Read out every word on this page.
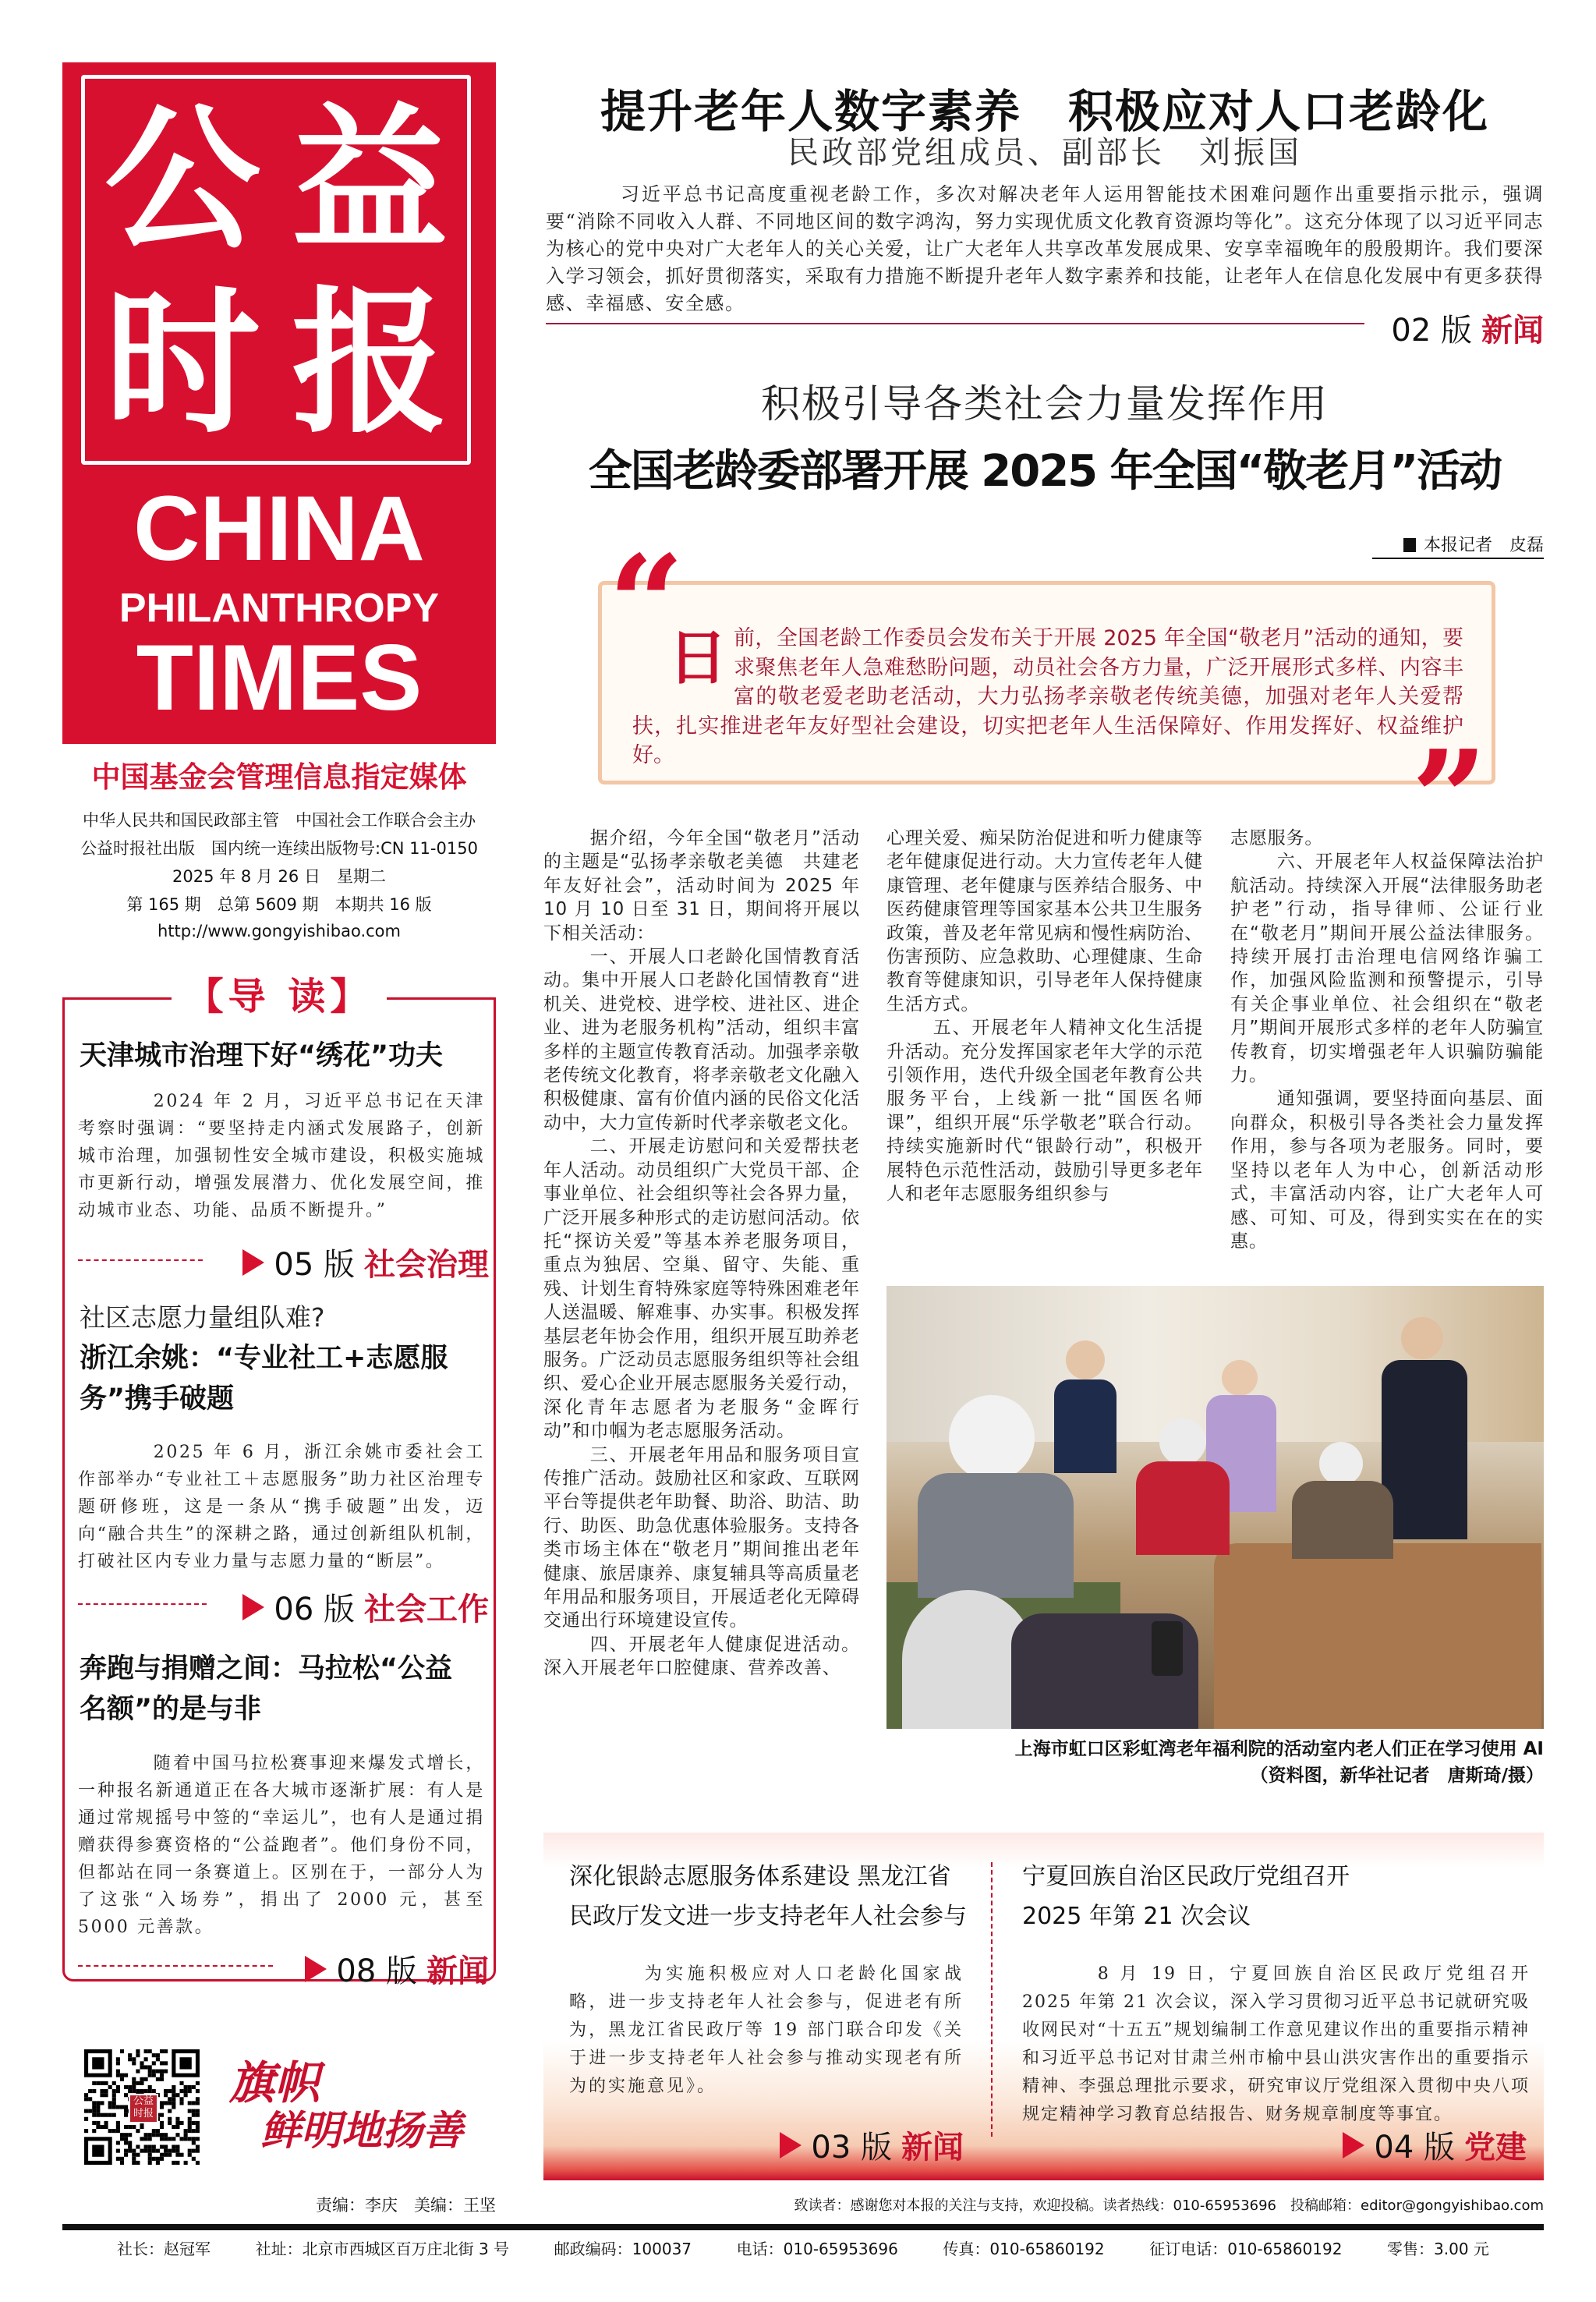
公 益
时 报
CHINA
PHILANTHROPY
TIMES
中国基金会管理信息指定媒体
中华人民共和国民政部主管　中国社会工作联合会主办
公益时报社出版　国内统一连续出版物号:CN 11-0150
2025 年 8 月 26 日　星期二
第 165 期　总第 5609 期　本期共 16 版
http://www.gongyishibao.com
【导 读】
天津城市治理下好“绣花”功夫
2024 年 2 月，习近平总书记在天津考察时强调：“要坚持走内涵式发展路子，创新城市治理，加强韧性安全城市建设，积极实施城市更新行动，增强发展潜力、优化发展空间，推动城市业态、功能、品质不断提升。”
05 版 社会治理
社区志愿力量组队难?
浙江余姚：“专业社工+志愿服务”携手破题
2025 年 6 月，浙江余姚市委社会工作部举办“专业社工＋志愿服务”助力社区治理专题研修班，这是一条从“携手破题”出发，迈向“融合共生”的深耕之路，通过创新组队机制，打破社区内专业力量与志愿力量的“断层”。
06 版 社会工作
奔跑与捐赠之间：马拉松“公益名额”的是与非
随着中国马拉松赛事迎来爆发式增长，一种报名新通道正在各大城市逐渐扩展：有人是通过常规摇号中签的“幸运儿”，也有人是通过捐赠获得参赛资格的“公益跑者”。他们身份不同，但都站在同一条赛道上。区别在于，一部分人为了这张“入场券”，捐出了 2000 元，甚至 5000 元善款。
08 版 新闻
公益时报
旗帜
鲜明地扬善
提升老年人数字素养　积极应对人口老龄化
民政部党组成员、副部长　刘振国
习近平总书记高度重视老龄工作，多次对解决老年人运用智能技术困难问题作出重要指示批示，强调要“消除不同收入人群、不同地区间的数字鸿沟，努力实现优质文化教育资源均等化”。这充分体现了以习近平同志为核心的党中央对广大老年人的关心关爱，让广大老年人共享改革发展成果、安享幸福晚年的殷殷期许。我们要深入学习领会，抓好贯彻落实，采取有力措施不断提升老年人数字素养和技能，让老年人在信息化发展中有更多获得感、幸福感、安全感。
02 版 新闻
积极引导各类社会力量发挥作用
全国老龄委部署开展 2025 年全国“敬老月”活动
本报记者　皮磊
“
”
日前，全国老龄工作委员会发布关于开展 2025 年全国“敬老月”活动的通知，要求聚焦老年人急难愁盼问题，动员社会各方力量，广泛开展形式多样、内容丰富的敬老爱老助老活动，大力弘扬孝亲敬老传统美德，加强对老年人关爱帮扶，扎实推进老年友好型社会建设，切实把老年人生活保障好、作用发挥好、权益维护好。

据介绍，今年全国“敬老月”活动的主题是“弘扬孝亲敬老美德　共建老年友好社会”，活动时间为 2025 年 10 月 10 日至 31 日，期间将开展以下相关活动：

一、开展人口老龄化国情教育活动。集中开展人口老龄化国情教育“进机关、进党校、进学校、进社区、进企业、进为老服务机构”活动，组织丰富多样的主题宣传教育活动。加强孝亲敬老传统文化教育，将孝亲敬老文化融入积极健康、富有价值内涵的民俗文化活动中，大力宣传新时代孝亲敬老文化。

二、开展走访慰问和关爱帮扶老年人活动。动员组织广大党员干部、企事业单位、社会组织等社会各界力量，广泛开展多种形式的走访慰问活动。依托“探访关爱”等基本养老服务项目，重点为独居、空巢、留守、失能、重残、计划生育特殊家庭等特殊困难老年人送温暖、解难事、办实事。积极发挥基层老年协会作用，组织开展互助养老服务。广泛动员志愿服务组织等社会组织、爱心企业开展志愿服务关爱行动，深化青年志愿者为老服务“金晖行动”和巾帼为老志愿服务活动。

三、开展老年用品和服务项目宣传推广活动。鼓励社区和家政、互联网平台等提供老年助餐、助浴、助洁、助行、助医、助急优惠体验服务。支持各类市场主体在“敬老月”期间推出老年健康、旅居康养、康复辅具等高质量老年用品和服务项目，开展适老化无障碍交通出行环境建设宣传。

四、开展老年人健康促进活动。深入开展老年口腔健康、营养改善、

心理关爱、痴呆防治促进和听力健康等老年健康促进行动。大力宣传老年人健康管理、老年健康与医养结合服务、中医药健康管理等国家基本公共卫生服务政策，普及老年常见病和慢性病防治、伤害预防、应急救助、心理健康、生命教育等健康知识，引导老年人保持健康生活方式。

五、开展老年人精神文化生活提升活动。充分发挥国家老年大学的示范引领作用，迭代升级全国老年教育公共服务平台，上线新一批“国医名师课”，组织开展“乐学敬老”联合行动。持续实施新时代“银龄行动”，积极开展特色示范性活动，鼓励引导更多老年人和老年志愿服务组织参与

志愿服务。

六、开展老年人权益保障法治护航活动。持续深入开展“法律服务助老护老”行动，指导律师、公证行业在“敬老月”期间开展公益法律服务。持续开展打击治理电信网络诈骗工作，加强风险监测和预警提示，引导有关企事业单位、社会组织在“敬老月”期间开展形式多样的老年人防骗宣传教育，切实增强老年人识骗防骗能力。

通知强调，要坚持面向基层、面向群众，积极引导各类社会力量发挥作用，参与各项为老服务。同时，要坚持以老年人为中心，创新活动形式，丰富活动内容，让广大老年人可感、可知、可及，得到实实在在的实惠。

上海市虹口区彩虹湾老年福利院的活动室内老人们正在学习使用 AI
（资料图，新华社记者　唐斯琦/摄）
深化银龄志愿服务体系建设 黑龙江省
民政厅发文进一步支持老年人社会参与
为实施积极应对人口老龄化国家战略，进一步支持老年人社会参与，促进老有所为，黑龙江省民政厅等 19 部门联合印发《关于进一步支持老年人社会参与推动实现老有所为的实施意见》。
03 版 新闻
宁夏回族自治区民政厅党组召开
2025 年第 21 次会议
8 月 19 日，宁夏回族自治区民政厅党组召开 2025 年第 21 次会议，深入学习贯彻习近平总书记就研究吸收网民对“十五五”规划编制工作意见建议作出的重要指示精神和习近平总书记对甘肃兰州市榆中县山洪灾害作出的重要指示精神、李强总理批示要求，研究审议厅党组深入贯彻中央八项规定精神学习教育总结报告、财务规章制度等事宜。
04 版 党建
责编：李庆　美编：王坚	致读者：感谢您对本报的关注与支持，欢迎投稿。读者热线：010-65953696　投稿邮箱：editor@gongyishibao.com
社长：赵冠军	社址：北京市西城区百万庄北街 3 号	邮政编码：100037	电话：010-65953696	传真：010-65860192	征订电话：010-65860192	零售：3.00 元
